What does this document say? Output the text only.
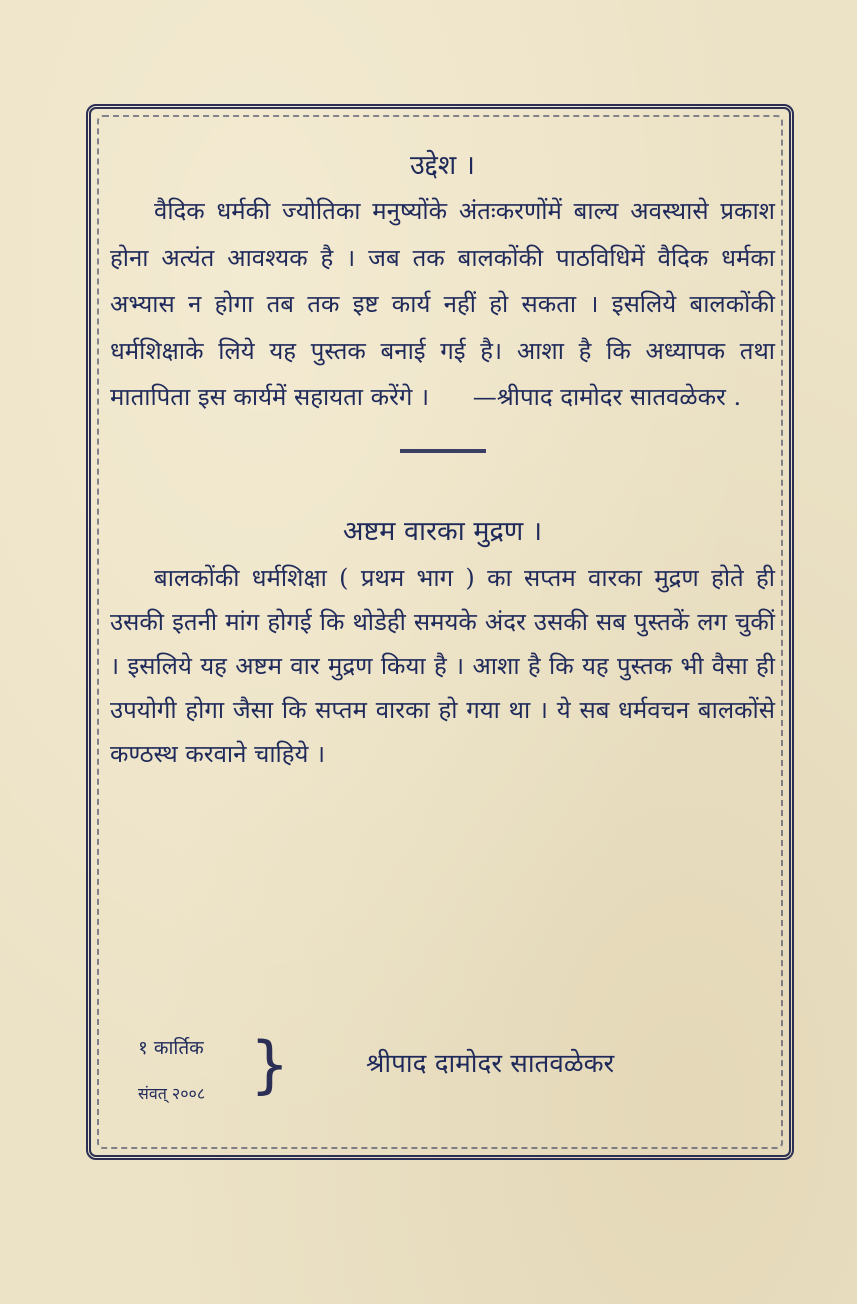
उद्देश ।

वैदिक धर्मकी ज्योतिका मनुष्योंके अंतःकरणोंमें बाल्य अवस्थासे प्रकाश होना अत्यंत आवश्यक है । जब तक बालकोंकी पाठविधिमें वैदिक धर्मका अभ्यास न होगा तब तक इष्ट कार्य नहीं हो सकता । इसलिये बालकोंकी धर्मशिक्षाके लिये यह पुस्तक बनाई गई है। आशा है कि अध्यापक तथा मातापिता इस कार्यमें सहायता करेंगे । —श्रीपाद दामोदर सातवळेकर .

अष्टम वारका मुद्रण ।

बालकोंकी धर्मशिक्षा ( प्रथम भाग ) का सप्तम वारका मुद्रण होते ही उसकी इतनी मांग होगई कि थोडेही समयके अंदर उसकी सब पुस्तकें लग चुकीं । इसलिये यह अष्टम वार मुद्रण किया है । आशा है कि यह पुस्तक भी वैसा ही उपयोगी होगा जैसा कि सप्तम वारका हो गया था । ये सब धर्मवचन बालकोंसे कण्ठस्थ करवाने चाहिये ।

१ कार्तिक
संवत् २००८ }	श्रीपाद दामोदर सातवळेकर
